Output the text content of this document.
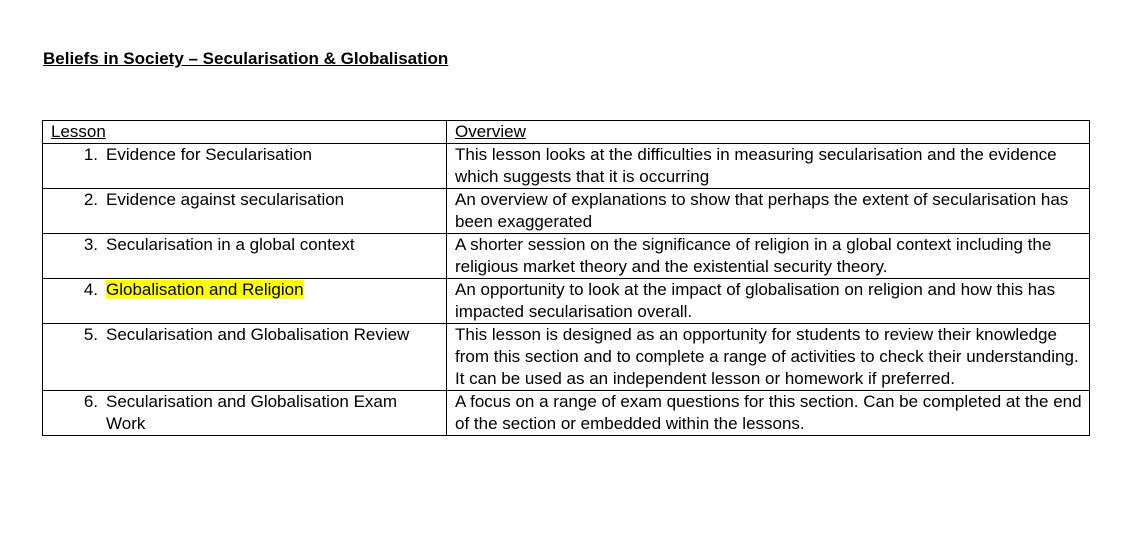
Beliefs in Society – Secularisation & Globalisation
Lesson	Overview
1. Evidence for Secularisation	This lesson looks at the difficulties in measuring secularisation and the evidence which suggests that it is occurring
2. Evidence against secularisation	An overview of explanations to show that perhaps the extent of secularisation has been exaggerated
3. Secularisation in a global context	A shorter session on the significance of religion in a global context including the religious market theory and the existential security theory.
4. Globalisation and Religion	An opportunity to look at the impact of globalisation on religion and how this has impacted secularisation overall.
5. Secularisation and Globalisation Review	This lesson is designed as an opportunity for students to review their knowledge from this section and to complete a range of activities to check their understanding. It can be used as an independent lesson or homework if preferred.
6. Secularisation and Globalisation Exam Work	A focus on a range of exam questions for this section. Can be completed at the end of the section or embedded within the lessons.
